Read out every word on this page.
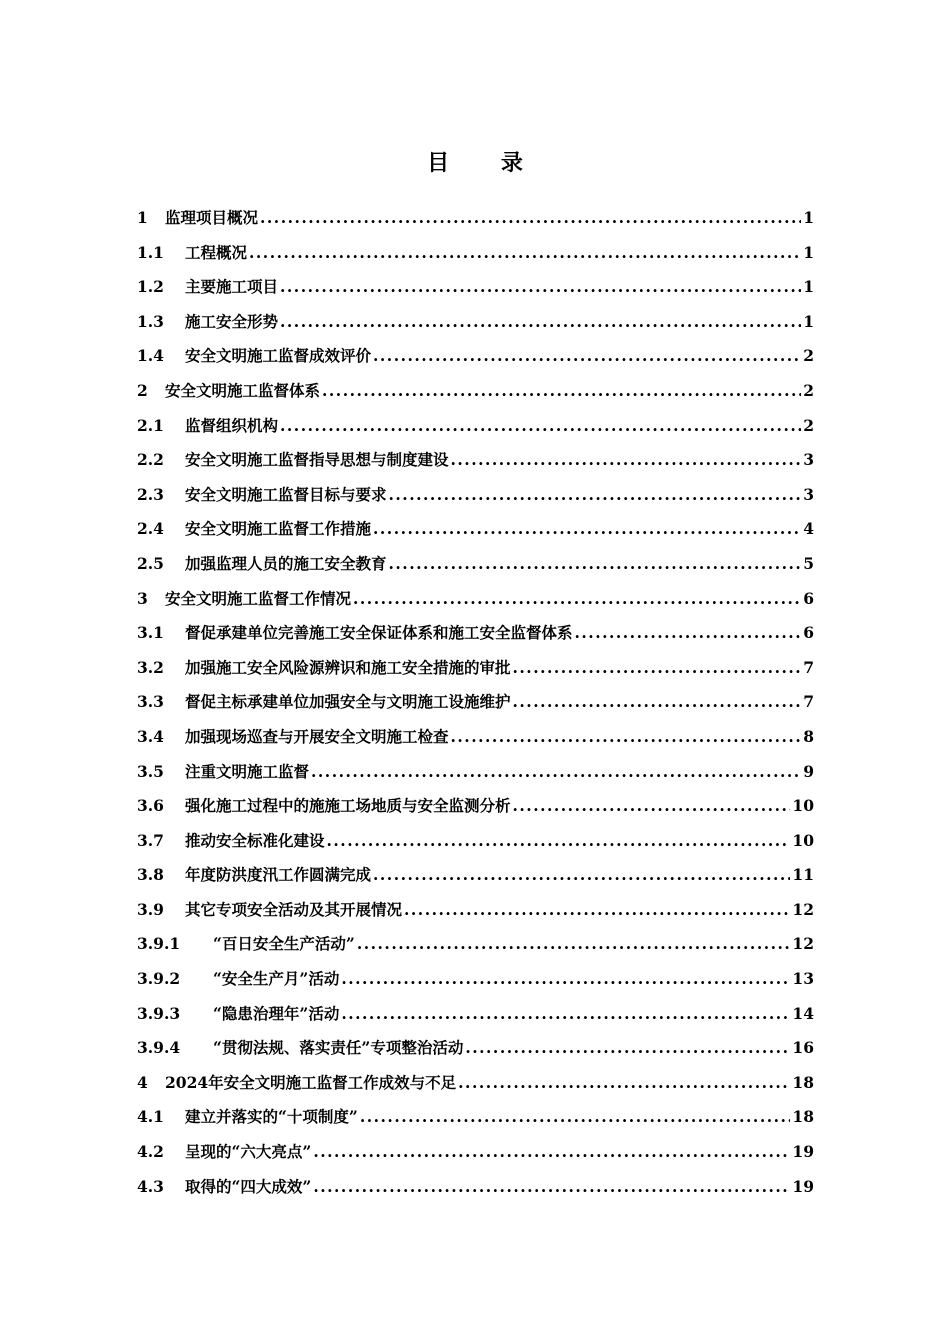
目 录
1	监理项目概况 .....	1
1.1	工程概况 .....	1
1.2	主要施工项目 .....	1
1.3	施工安全形势 .....	1
1.4	安全文明施工监督成效评价 .....	2
2	安全文明施工监督体系 .....	2
2.1	监督组织机构 .....	2
2.2	安全文明施工监督指导思想与制度建设 .....	3
2.3	安全文明施工监督目标与要求 .....	3
2.4	安全文明施工监督工作措施 .....	4
2.5	加强监理人员的施工安全教育 .....	5
3	安全文明施工监督工作情况 .....	6
3.1	督促承建单位完善施工安全保证体系和施工安全监督体系 .....	6
3.2	加强施工安全风险源辨识和施工安全措施的审批 .....	7
3.3	督促主标承建单位加强安全与文明施工设施维护 .....	7
3.4	加强现场巡查与开展安全文明施工检查 .....	8
3.5	注重文明施工监督 .....	9
3.6	强化施工过程中的施施工场地质与安全监测分析 .....	10
3.7	推动安全标准化建设 .....	10
3.8	年度防洪度汛工作圆满完成 .....	11
3.9	其它专项安全活动及其开展情况 .....	12
3.9.1	“百日安全生产活动” .....	12
3.9.2	“安全生产月”活动 .....	13
3.9.3	“隐患治理年”活动 .....	14
3.9.4	“贯彻法规、落实责任”专项整治活动 .....	16
4	2024年安全文明施工监督工作成效与不足 .....	18
4.1	建立并落实的“十项制度” .....	18
4.2	呈现的“六大亮点” .....	19
4.3	取得的“四大成效” .....	19
